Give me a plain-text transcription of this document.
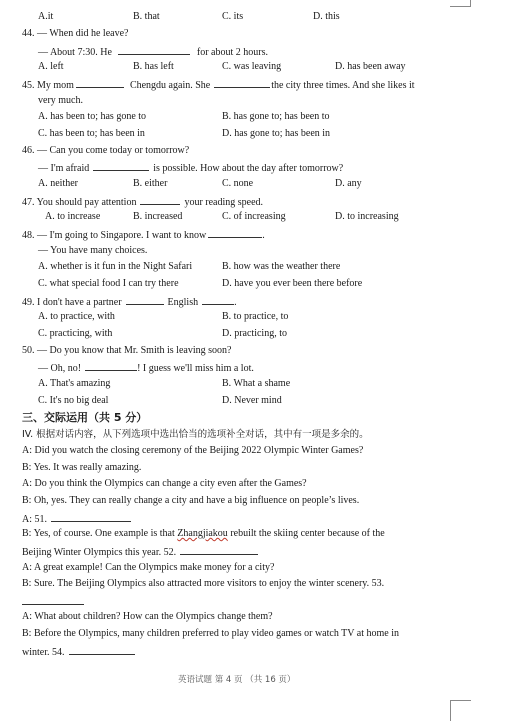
A.it	B. that	C. its	D. this
44. — When did he leave?
— About 7:30. He	for about 2 hours.
A. left	B. has left	C. was leaving	D. has been away
45. My mom	Chengdu again. She	the city three times. And she likes it
very much.
A. has been to; has gone to	B. has gone to; has been to
C. has been to; has been in	D. has gone to; has been in
46. — Can you come today or tomorrow?
— I'm afraid	is possible. How about the day after tomorrow?
A. neither	B. either	C. none	D. any
47. You should pay attention	your reading speed.
A. to increase	B. increased	C. of increasing	D. to increasing
48. — I'm going to Singapore. I want to know	.
— You have many choices.
A. whether is it fun in the Night Safari	B. how was the weather there
C. what special food I can try there	D. have you ever been there before
49. I don't have a partner	English	.
A. to practice, with	B. to practice, to
C. practicing, with	D. practicing, to
50. — Do you know that Mr. Smith is leaving soon?
— Oh, no!	! I guess we'll miss him a lot.
A. That's amazing	B. What a shame
C. It's no big deal	D. Never mind
三、交际运用（共 5 分）
IV. 根据对话内容，从下列选项中选出恰当的选项补全对话，其中有一项是多余的。
A: Did you watch the closing ceremony of the Beijing 2022 Olympic Winter Games?
B: Yes. It was really amazing.
A: Do you think the Olympics can change a city even after the Games?
B: Oh, yes. They can really change a city and have a big influence on people’s lives.
A: 51.
B: Yes, of course. One example is that Zhangjiakou rebuilt the skiing center because of the
Beijing Winter Olympics this year. 52.
A: A great example! Can the Olympics make money for a city?
B: Sure. The Beijing Olympics also attracted more visitors to enjoy the winter scenery. 53.
A: What about children? How can the Olympics change them?
B: Before the Olympics, many children preferred to play video games or watch TV at home in
winter. 54.
英语试题 第 4 页 （共 16 页）
